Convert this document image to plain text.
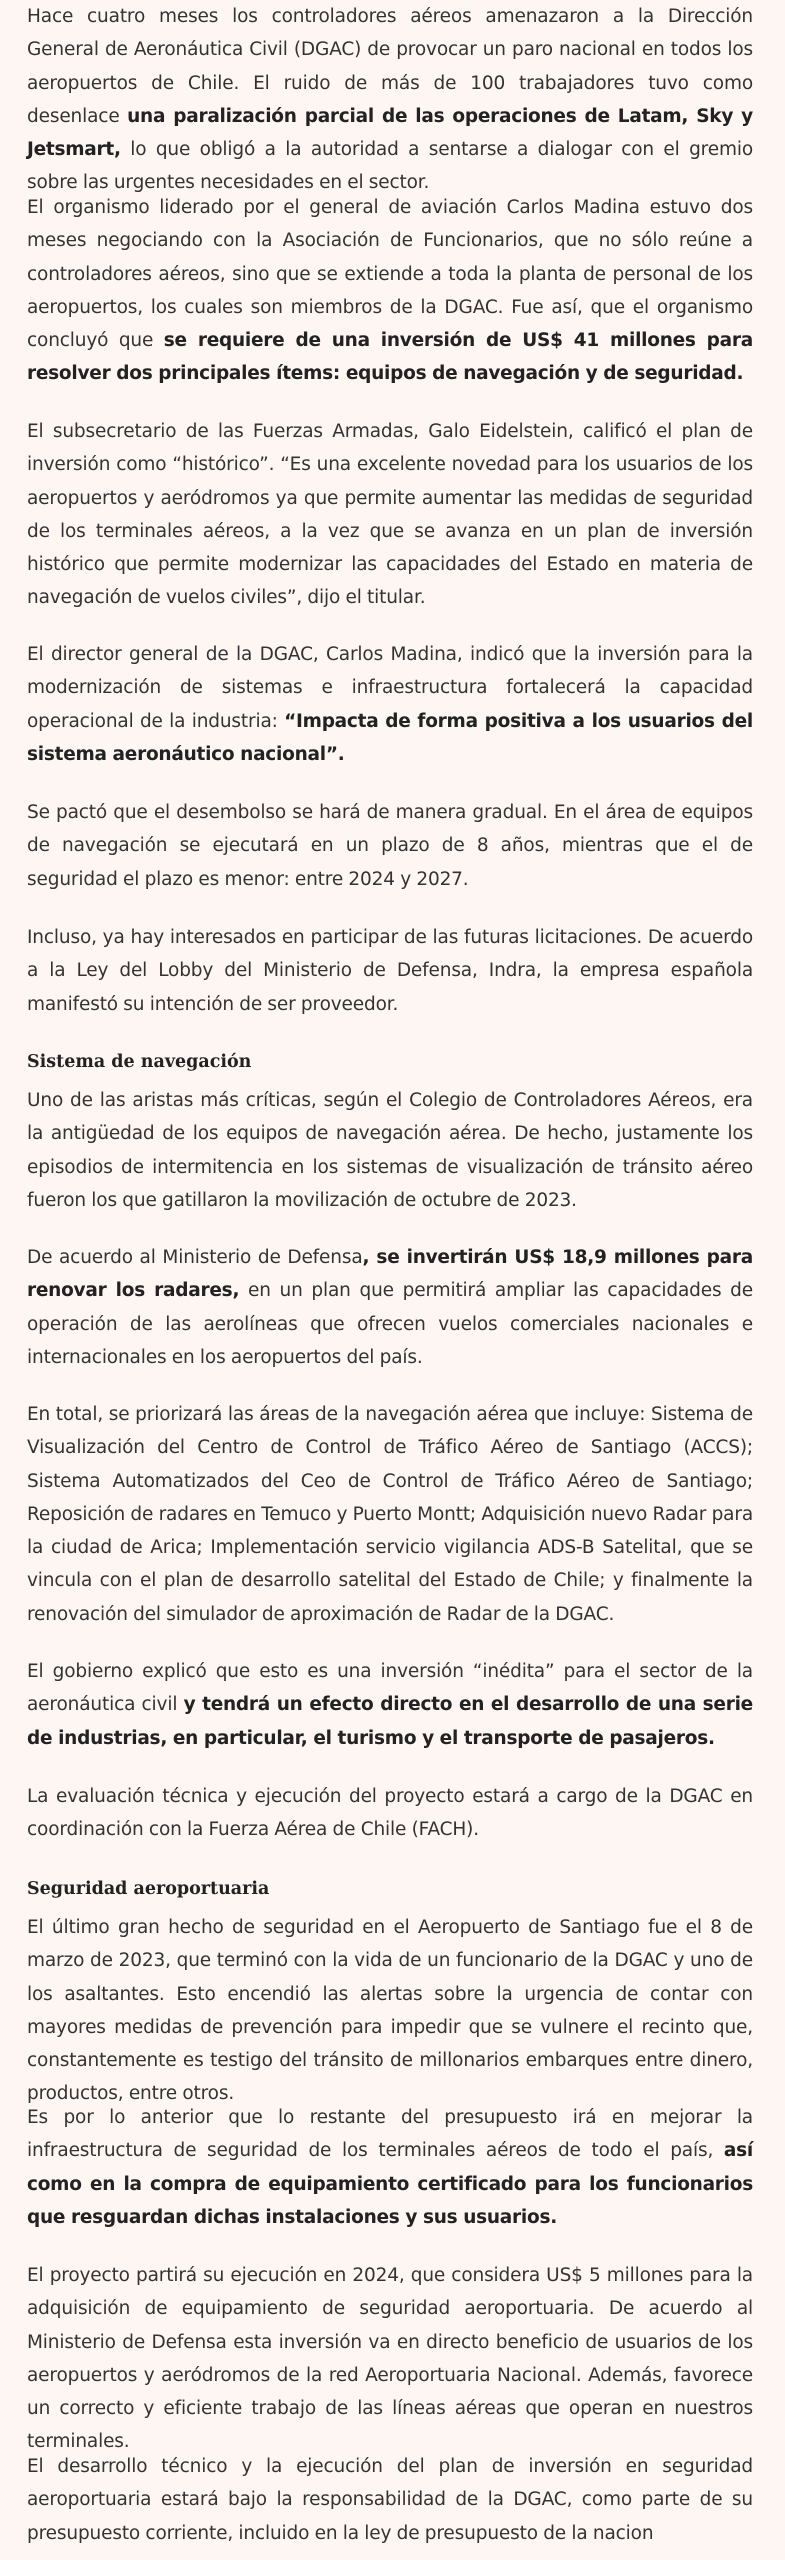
Hace cuatro meses los controladores aéreos amenazaron a la Dirección General de Aeronáutica Civil (DGAC) de provocar un paro nacional en todos los aeropuertos de Chile. El ruido de más de 100 trabajadores tuvo como desenlace una paralización parcial de las operaciones de Latam, Sky y Jetsmart, lo que obligó a la autoridad a sentarse a dialogar con el gremio sobre las urgentes necesidades en el sector.

El organismo liderado por el general de aviación Carlos Madina estuvo dos meses negociando con la Asociación de Funcionarios, que no sólo reúne a controladores aéreos, sino que se extiende a toda la planta de personal de los aeropuertos, los cuales son miembros de la DGAC. Fue así, que el organismo concluyó que se requiere de una inversión de US$ 41 millones para resolver dos principales ítems: equipos de navegación y de seguridad.

El subsecretario de las Fuerzas Armadas, Galo Eidelstein, calificó el plan de inversión como “histórico”. “Es una excelente novedad para los usuarios de los aeropuertos y aeródromos ya que permite aumentar las medidas de seguridad de los terminales aéreos, a la vez que se avanza en un plan de inversión histórico que permite modernizar las capacidades del Estado en materia de navegación de vuelos civiles”, dijo el titular.

El director general de la DGAC, Carlos Madina, indicó que la inversión para la modernización de sistemas e infraestructura fortalecerá la capacidad operacional de la industria: “Impacta de forma positiva a los usuarios del sistema aeronáutico nacional”.

Se pactó que el desembolso se hará de manera gradual. En el área de equipos de navegación se ejecutará en un plazo de 8 años, mientras que el de seguridad el plazo es menor: entre 2024 y 2027.

Incluso, ya hay interesados en participar de las futuras licitaciones. De acuerdo a la Ley del Lobby del Ministerio de Defensa, Indra, la empresa española manifestó su intención de ser proveedor.

Sistema de navegación

Uno de las aristas más críticas, según el Colegio de Controladores Aéreos, era la antigüedad de los equipos de navegación aérea. De hecho, justamente los episodios de intermitencia en los sistemas de visualización de tránsito aéreo fueron los que gatillaron la movilización de octubre de 2023.

De acuerdo al Ministerio de Defensa, se invertirán US$ 18,9 millones para renovar los radares, en un plan que permitirá ampliar las capacidades de operación de las aerolíneas que ofrecen vuelos comerciales nacionales e internacionales en los aeropuertos del país.

En total, se priorizará las áreas de la navegación aérea que incluye: Sistema de Visualización del Centro de Control de Tráfico Aéreo de Santiago (ACCS); Sistema Automatizados del Ceo de Control de Tráfico Aéreo de Santiago; Reposición de radares en Temuco y Puerto Montt; Adquisición nuevo Radar para la ciudad de Arica; Implementación servicio vigilancia ADS-B Satelital, que se vincula con el plan de desarrollo satelital del Estado de Chile; y finalmente la renovación del simulador de aproximación de Radar de la DGAC.

El gobierno explicó que esto es una inversión “inédita” para el sector de la aeronáutica civil y tendrá un efecto directo en el desarrollo de una serie de industrias, en particular, el turismo y el transporte de pasajeros.

La evaluación técnica y ejecución del proyecto estará a cargo de la DGAC en coordinación con la Fuerza Aérea de Chile (FACH).

Seguridad aeroportuaria

El último gran hecho de seguridad en el Aeropuerto de Santiago fue el 8 de marzo de 2023, que terminó con la vida de un funcionario de la DGAC y uno de los asaltantes. Esto encendió las alertas sobre la urgencia de contar con mayores medidas de prevención para impedir que se vulnere el recinto que, constantemente es testigo del tránsito de millonarios embarques entre dinero, productos, entre otros.

Es por lo anterior que lo restante del presupuesto irá en mejorar la infraestructura de seguridad de los terminales aéreos de todo el país, así como en la compra de equipamiento certificado para los funcionarios que resguardan dichas instalaciones y sus usuarios.

El proyecto partirá su ejecución en 2024, que considera US$ 5 millones para la adquisición de equipamiento de seguridad aeroportuaria. De acuerdo al Ministerio de Defensa esta inversión va en directo beneficio de usuarios de los aeropuertos y aeródromos de la red Aeroportuaria Nacional. Además, favorece un correcto y eficiente trabajo de las líneas aéreas que operan en nuestros terminales.

El desarrollo técnico y la ejecución del plan de inversión en seguridad aeroportuaria estará bajo la responsabilidad de la DGAC, como parte de su presupuesto corriente, incluido en la ley de presupuesto de la nacion
